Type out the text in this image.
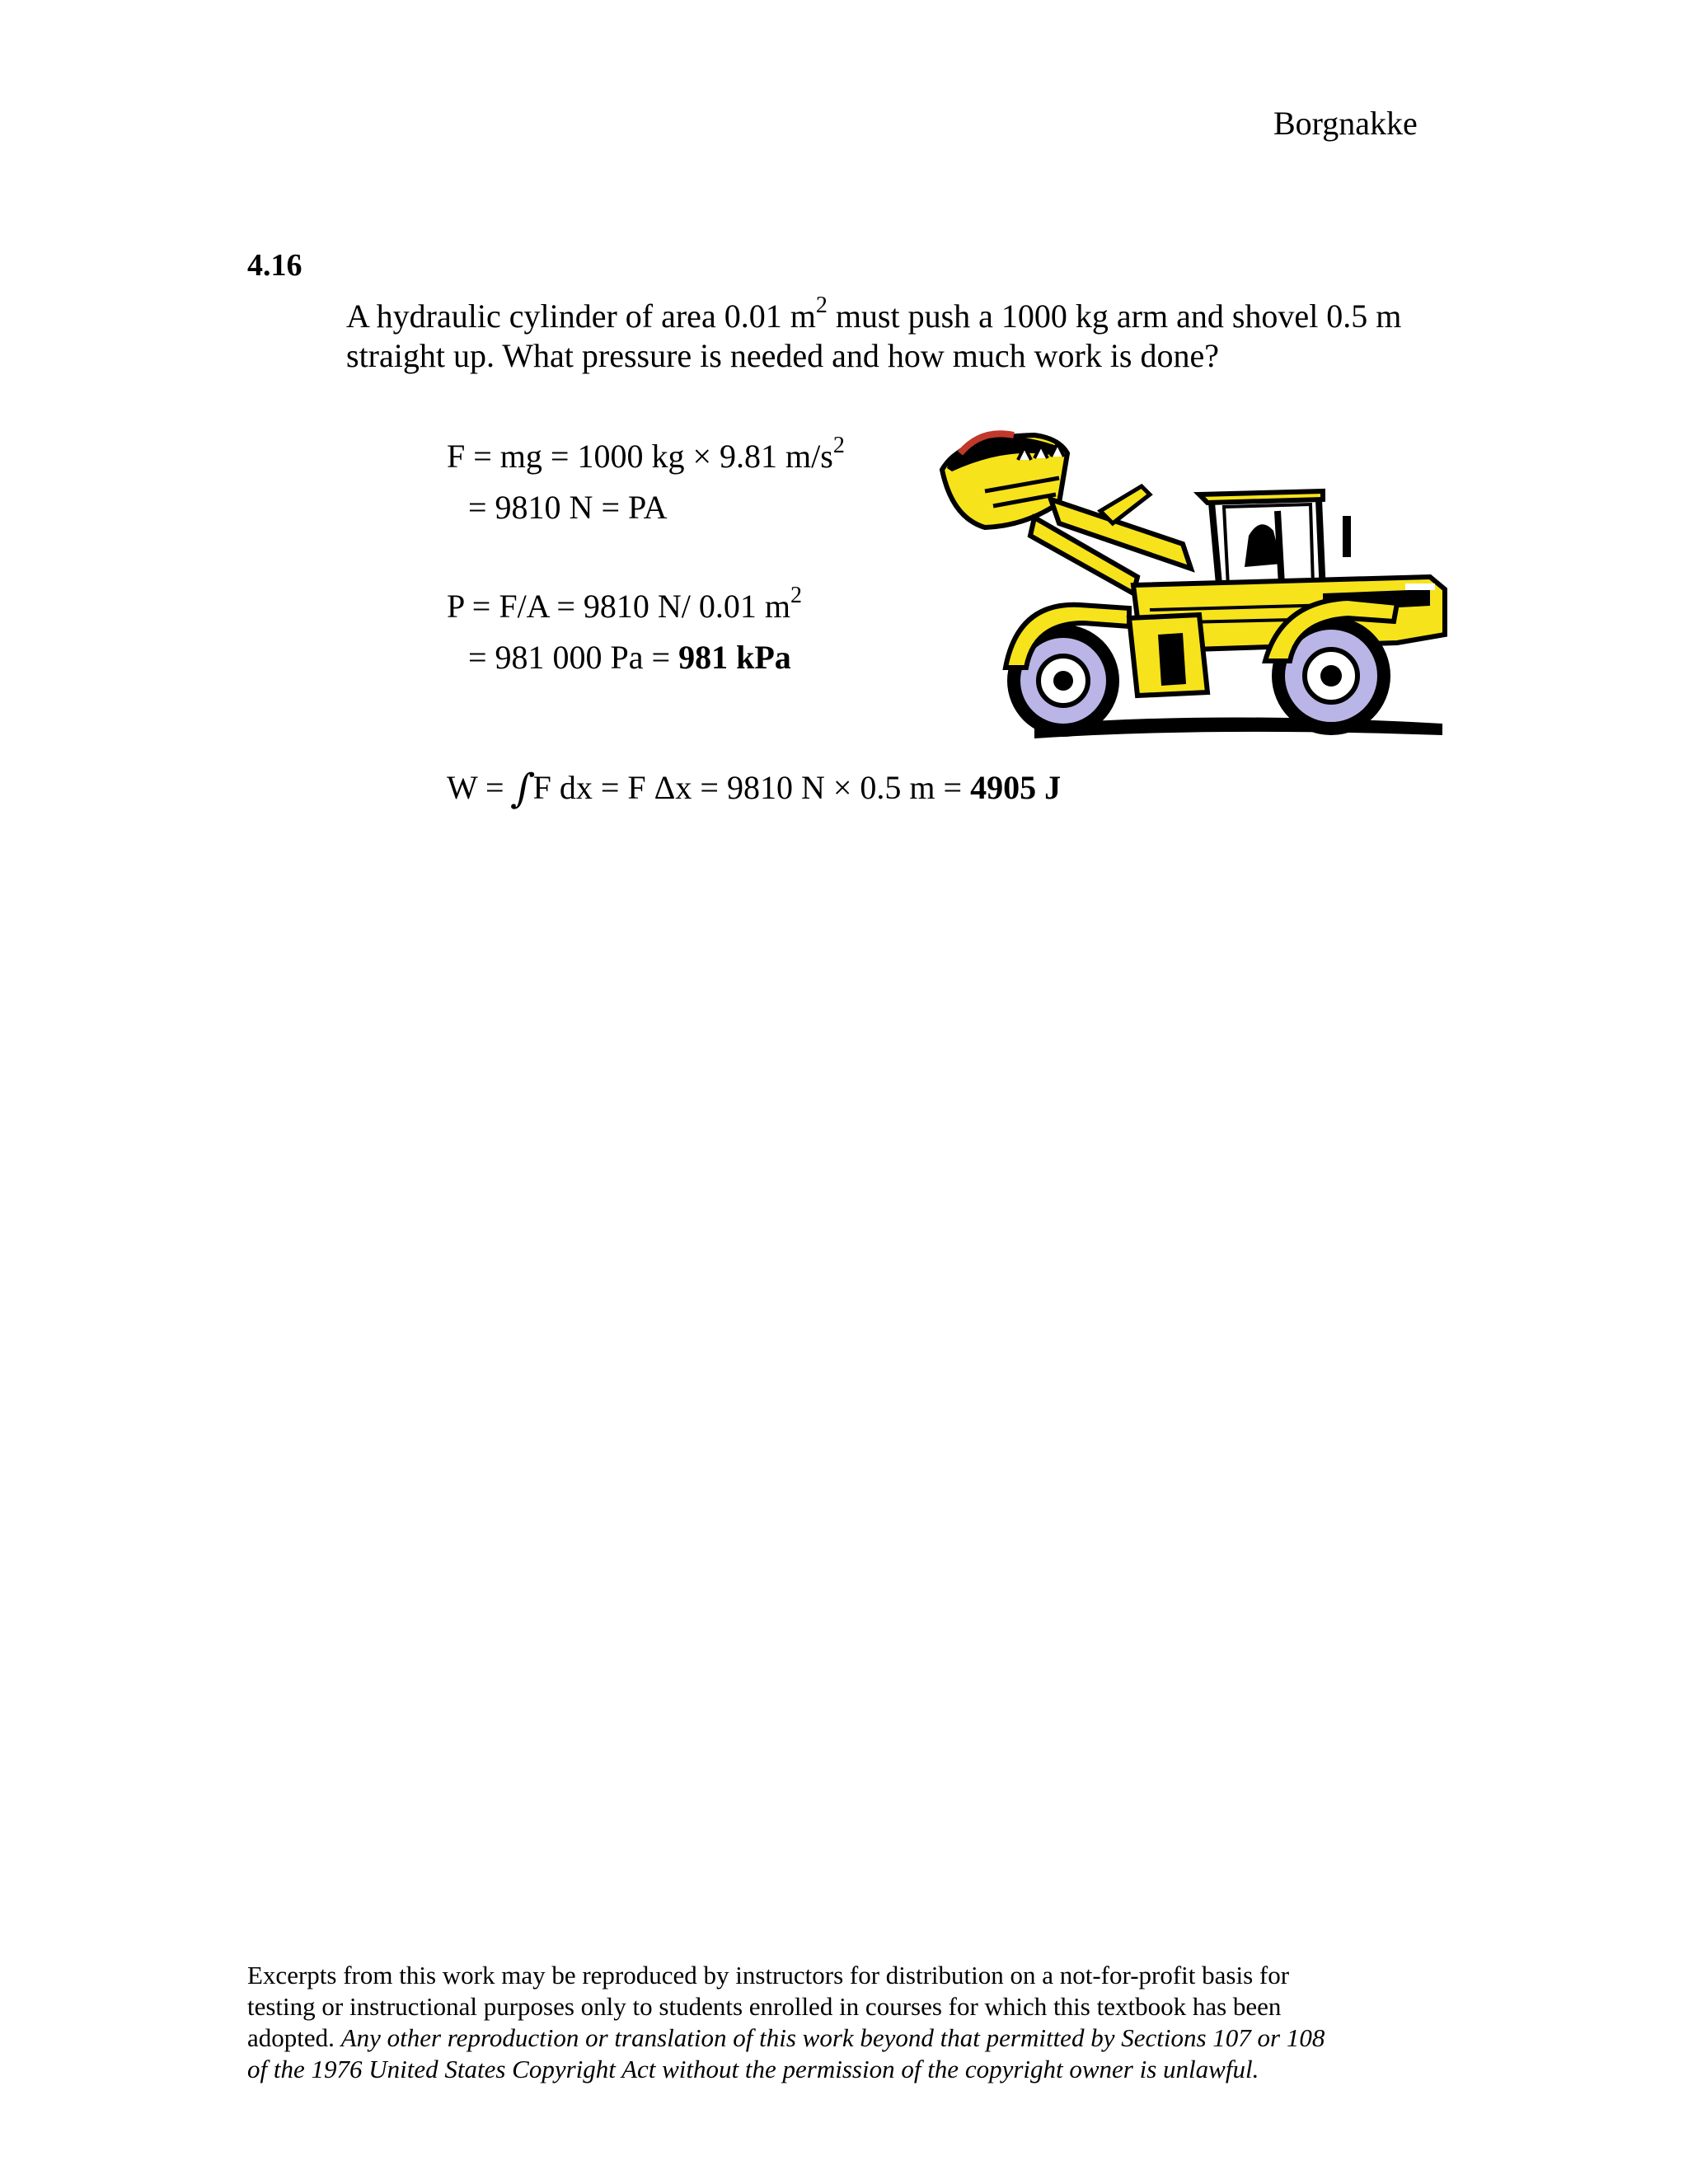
Borgnakke
4.16
A hydraulic cylinder of area 0.01 $m^2$ must push a 1000 kg arm and shovel 0.5 m
straight up. What pressure is needed and how much work is done?
F = mg = 1000 kg × 9.81 $m/s^2$
= 9810 N = PA
P = F/A = 9810 N/ 0.01 $m^2$
= 981 000 Pa = 981 kPa
W = ∫F dx = F Δx = 9810 N × 0.5 m = 4905 J
Excerpts from this work may be reproduced by instructors for distribution on a not-for-profit basis for
testing or instructional purposes only to students enrolled in courses for which this textbook has been
adopted. Any other reproduction or translation of this work beyond that permitted by Sections 107 or 108
of the 1976 United States Copyright Act without the permission of the copyright owner is unlawful.
